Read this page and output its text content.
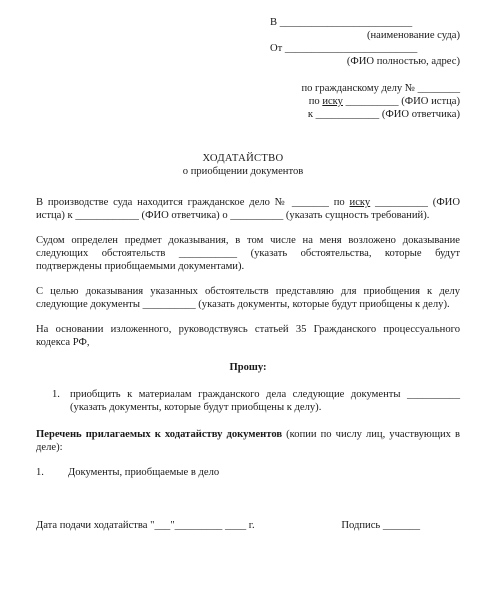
В _________________________
(наименование суда)
От _________________________
(ФИО полностью, адрес)
по гражданскому делу № ________
по иску __________ (ФИО истца)
к ____________ (ФИО ответчика)
ХОДАТАЙСТВО
о приобщении документов

В производстве суда находится гражданское дело № _______ по иску __________ (ФИО истца) к ____________ (ФИО ответчика) о __________ (указать сущность требований).

Судом определен предмет доказывания, в том числе на меня возложено доказывание следующих обстоятельств ___________ (указать обстоятельства, которые будут подтверждены приобщаемыми документами).

С целью доказывания указанных обстоятельств представляю для приобщения к делу следующие документы __________ (указать документы, которые будут приобщены к делу).

На основании изложенного, руководствуясь статьей 35 Гражданского процессуального кодекса РФ,

Прошу:
1. приобщить к материалам гражданского дела следующие документы __________ (указать документы, которые будут приобщены к делу).
Перечень прилагаемых к ходатайству документов (копии по числу лиц, участвующих в деле):
1.	Документы, приобщаемые в дело
Дата подачи ходатайства "___"_________ ____ г.	Подпись _______
